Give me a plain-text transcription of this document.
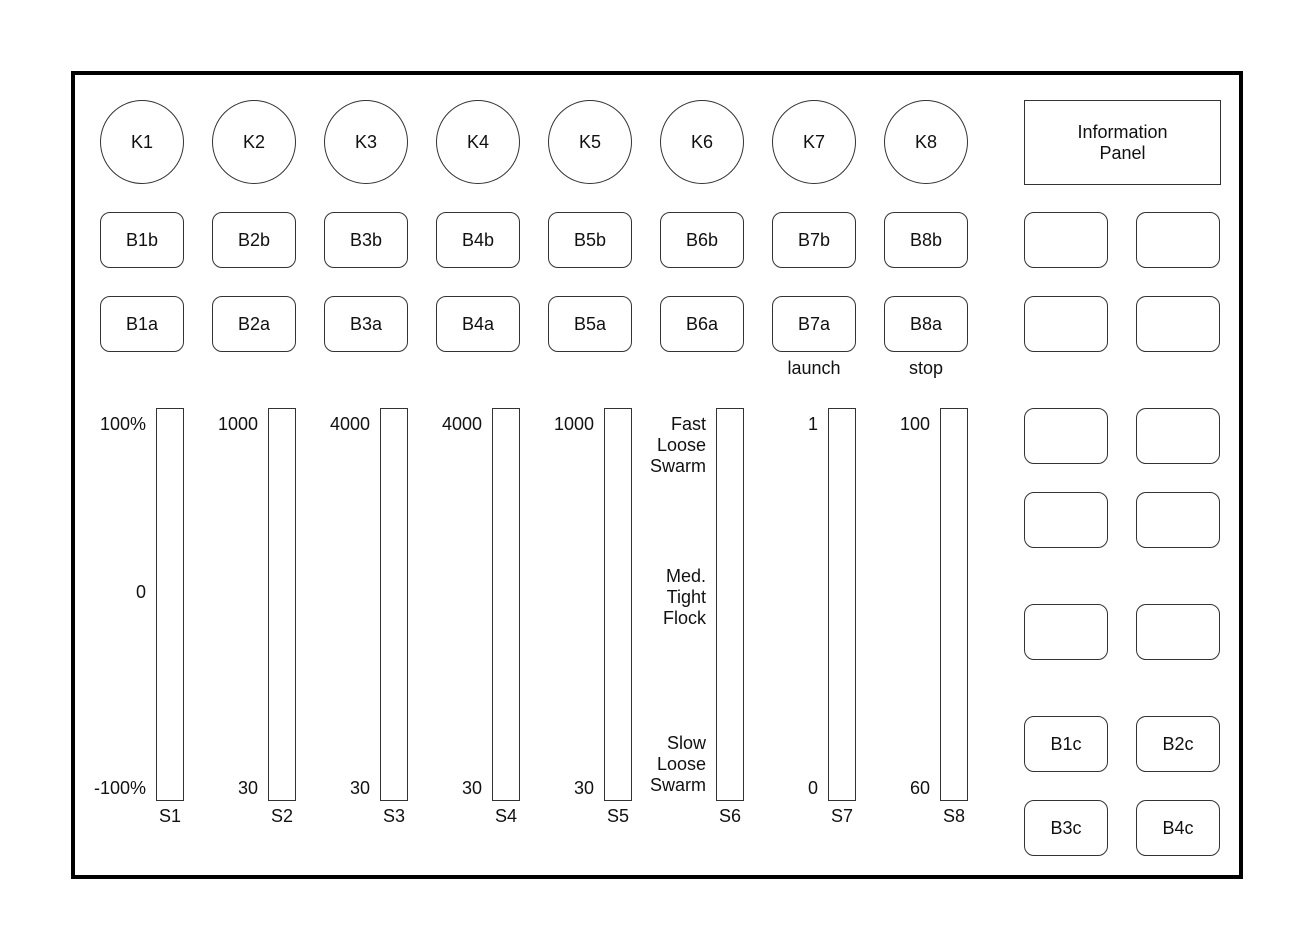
K1	K2	K3	K4	K5	K6	K7	K8	Information
Panel
B1b	B2b	B3b	B4b	B5b	B6b	B7b	B8b
B1a	B2a	B3a	B4a	B5a	B6a	B7a	B8a
launch	stop
B1c	B2c
B3c	B4c
S1	S2	S3	S4	S5	S6	S7	S8
100%
0
-100%
1000
30
4000
30
4000
30
1000
30
Fast
Loose
Swarm
Med.
Tight
Flock
Slow
Loose
Swarm
1
0
100
60
